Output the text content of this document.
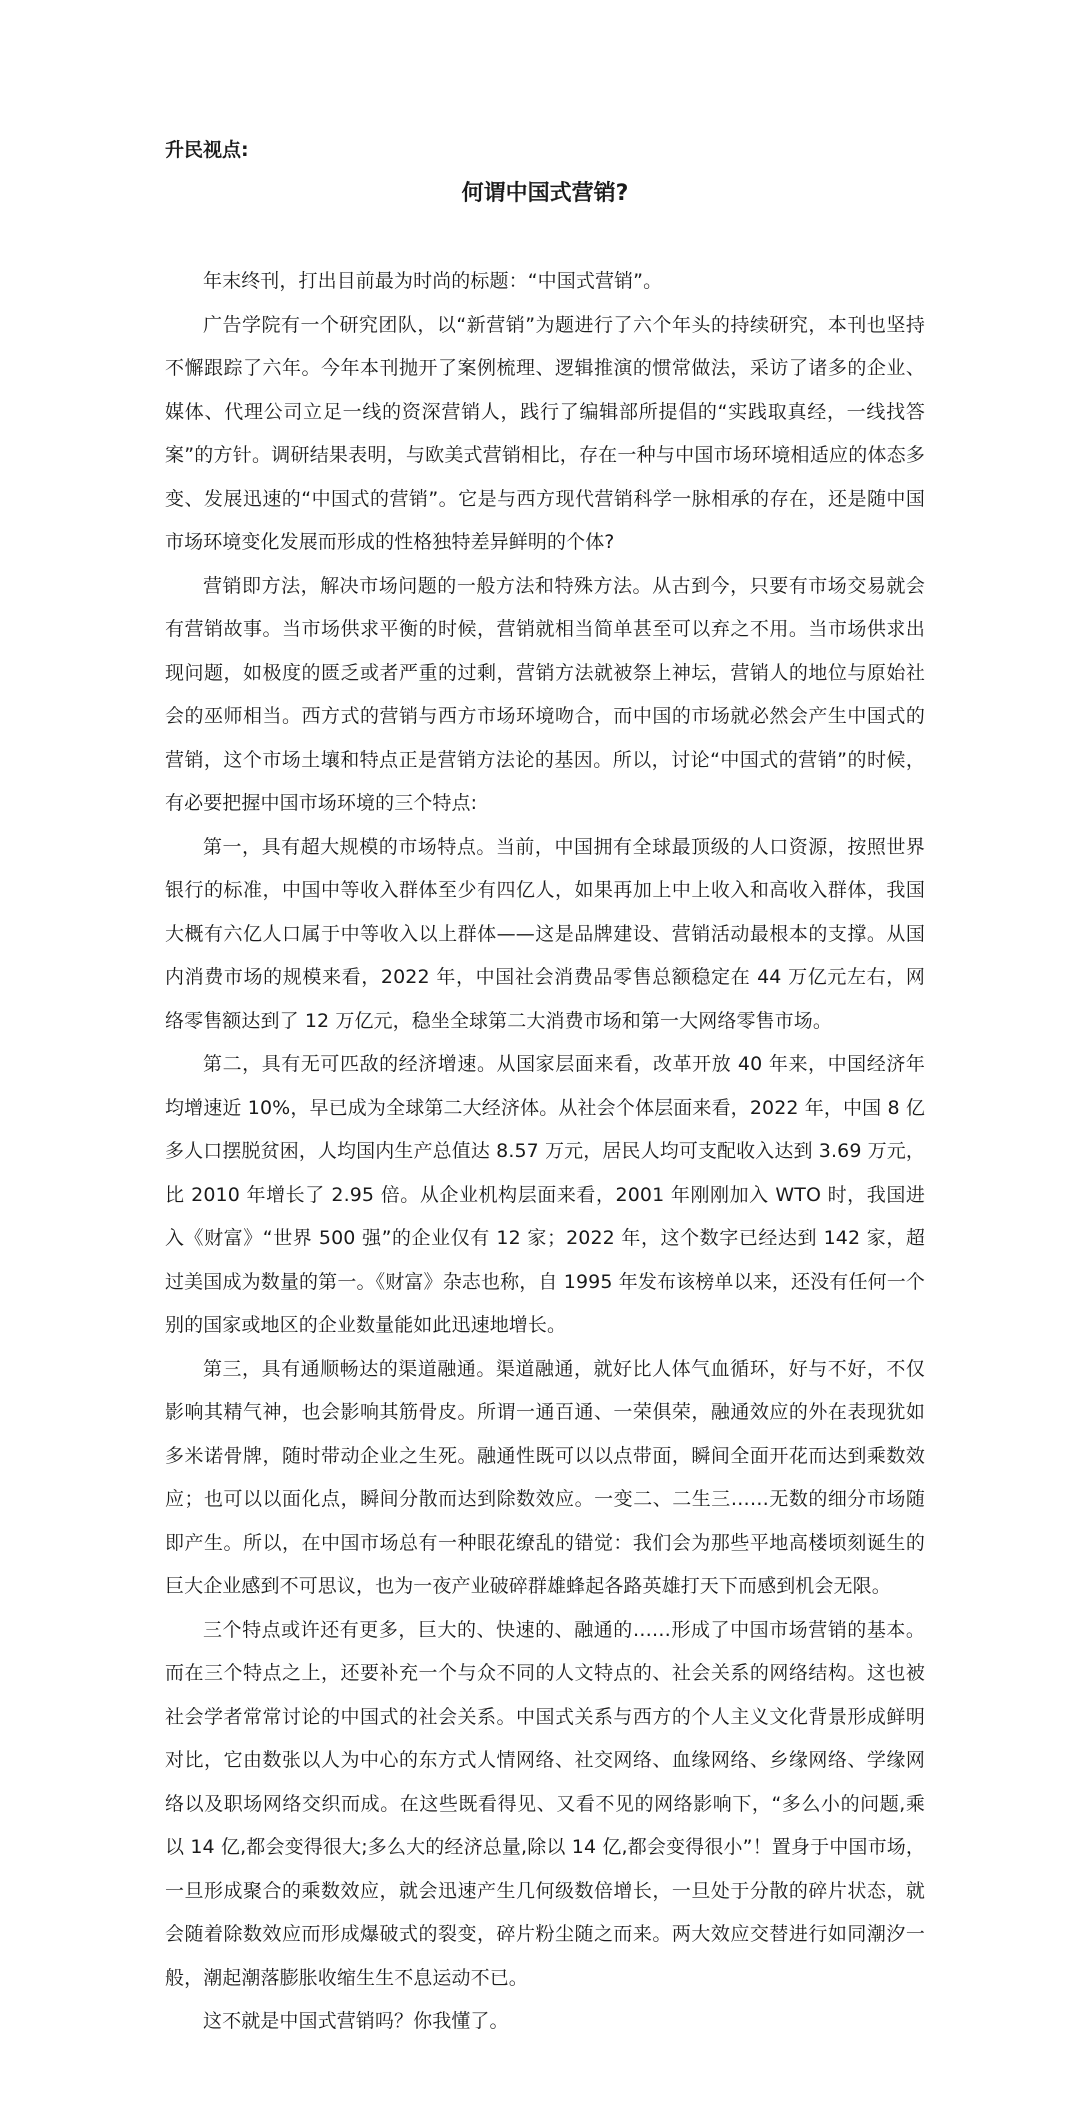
升民视点:

何谓中国式营销?

年末终刊，打出目前最为时尚的标题：“中国式营销”。

广告学院有一个研究团队，以“新营销”为题进行了六个年头的持续研究，本刊也坚持不懈跟踪了六年。今年本刊抛开了案例梳理、逻辑推演的惯常做法，采访了诸多的企业、媒体、代理公司立足一线的资深营销人，践行了编辑部所提倡的“实践取真经，一线找答案”的方针。调研结果表明，与欧美式营销相比，存在一种与中国市场环境相适应的体态多变、发展迅速的“中国式的营销”。它是与西方现代营销科学一脉相承的存在，还是随中国市场环境变化发展而形成的性格独特差异鲜明的个体?

营销即方法，解决市场问题的一般方法和特殊方法。从古到今，只要有市场交易就会有营销故事。当市场供求平衡的时候，营销就相当简单甚至可以弃之不用。当市场供求出现问题，如极度的匮乏或者严重的过剩，营销方法就被祭上神坛，营销人的地位与原始社会的巫师相当。西方式的营销与西方市场环境吻合，而中国的市场就必然会产生中国式的营销，这个市场土壤和特点正是营销方法论的基因。所以，讨论“中国式的营销”的时候，有必要把握中国市场环境的三个特点:

第一，具有超大规模的市场特点。当前，中国拥有全球最顶级的人口资源，按照世界银行的标准，中国中等收入群体至少有四亿人，如果再加上中上收入和高收入群体，我国大概有六亿人口属于中等收入以上群体——这是品牌建设、营销活动最根本的支撑。从国内消费市场的规模来看，2022 年，中国社会消费品零售总额稳定在 44 万亿元左右，网络零售额达到了 12 万亿元，稳坐全球第二大消费市场和第一大网络零售市场。

第二，具有无可匹敌的经济增速。从国家层面来看，改革开放 40 年来，中国经济年均增速近 10%，早已成为全球第二大经济体。从社会个体层面来看，2022 年，中国 8 亿多人口摆脱贫困，人均国内生产总值达 8.57 万元，居民人均可支配收入达到 3.69 万元，比 2010 年增长了 2.95 倍。从企业机构层面来看，2001 年刚刚加入 WTO 时，我国进入《财富》“世界 500 强”的企业仅有 12 家；2022 年，这个数字已经达到 142 家，超过美国成为数量的第一。《财富》杂志也称，自 1995 年发布该榜单以来，还没有任何一个别的国家或地区的企业数量能如此迅速地增长。

第三，具有通顺畅达的渠道融通。渠道融通，就好比人体气血循环，好与不好，不仅影响其精气神，也会影响其筋骨皮。所谓一通百通、一荣俱荣，融通效应的外在表现犹如多米诺骨牌，随时带动企业之生死。融通性既可以以点带面，瞬间全面开花而达到乘数效应；也可以以面化点，瞬间分散而达到除数效应。一变二、二生三……无数的细分市场随即产生。所以，在中国市场总有一种眼花缭乱的错觉：我们会为那些平地高楼顷刻诞生的巨大企业感到不可思议，也为一夜产业破碎群雄蜂起各路英雄打天下而感到机会无限。

三个特点或许还有更多，巨大的、快速的、融通的……形成了中国市场营销的基本。而在三个特点之上，还要补充一个与众不同的人文特点的、社会关系的网络结构。这也被社会学者常常讨论的中国式的社会关系。中国式关系与西方的个人主义文化背景形成鲜明对比，它由数张以人为中心的东方式人情网络、社交网络、血缘网络、乡缘网络、学缘网络以及职场网络交织而成。在这些既看得见、又看不见的网络影响下，“多么小的问题,乘以 14 亿,都会变得很大;多么大的经济总量,除以 14 亿,都会变得很小”！置身于中国市场，一旦形成聚合的乘数效应，就会迅速产生几何级数倍增长，一旦处于分散的碎片状态，就会随着除数效应而形成爆破式的裂变，碎片粉尘随之而来。两大效应交替进行如同潮汐一般，潮起潮落膨胀收缩生生不息运动不已。

这不就是中国式营销吗？你我懂了。
